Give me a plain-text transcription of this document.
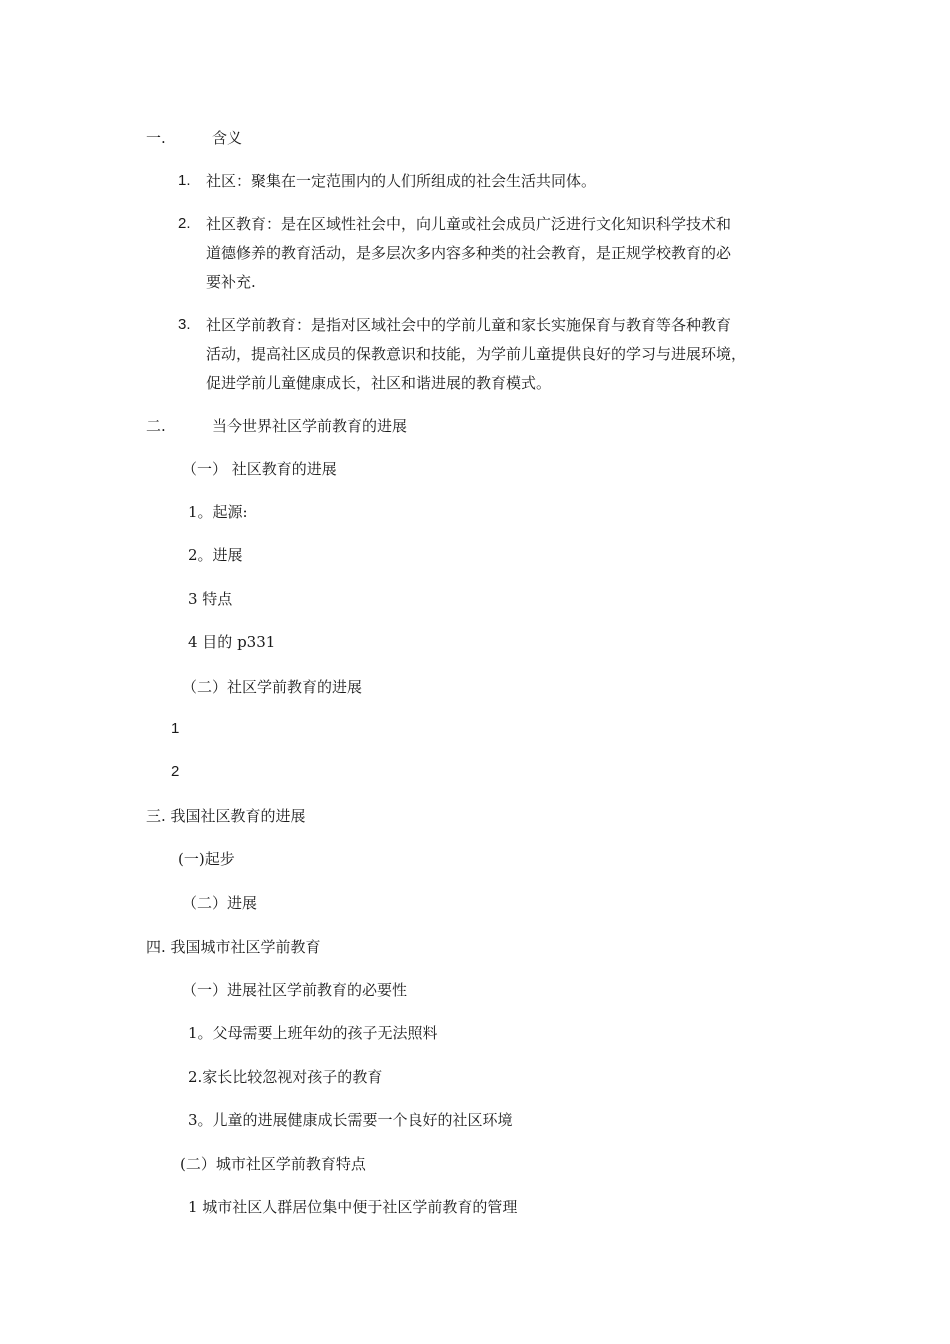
一.	含义
1. 社区：聚集在一定范围内的人们所组成的社会生活共同体。
2. 社区教育：是在区域性社会中，向儿童或社会成员广泛进行文化知识科学技术和
道德修养的教育活动，是多层次多内容多种类的社会教育，是正规学校教育的必
要补充.
3. 社区学前教育：是指对区域社会中的学前儿童和家长实施保育与教育等各种教育
活动，提高社区成员的保教意识和技能，为学前儿童提供良好的学习与进展环境，
促进学前儿童健康成长，社区和谐进展的教育模式。
二.	当今世界社区学前教育的进展
（一） 社区教育的进展
1。起源:
2。进展
3 特点
4 目的 p331
（二）社区学前教育的进展
1
2
三. 我国社区教育的进展
(一)起步
（二）进展
四. 我国城市社区学前教育
（一）进展社区学前教育的必要性
1。父母需要上班年幼的孩子无法照料
2.家长比较忽视对孩子的教育
3。儿童的进展健康成长需要一个良好的社区环境
(二）城市社区学前教育特点
1 城市社区人群居位集中便于社区学前教育的管理
